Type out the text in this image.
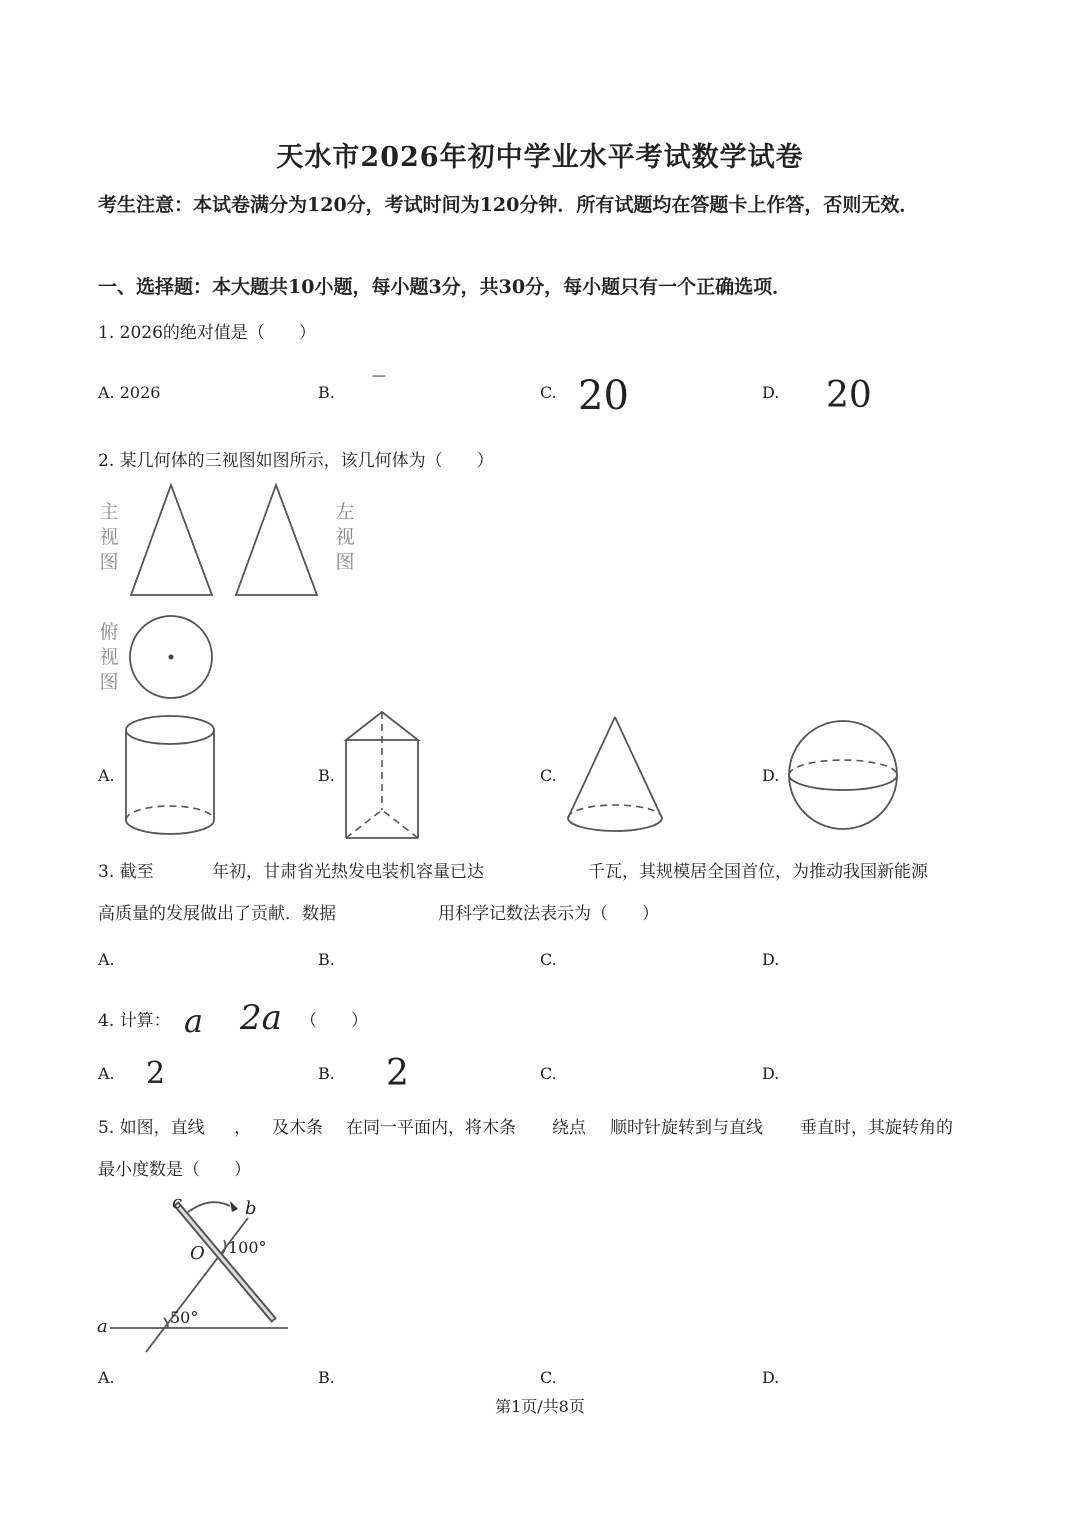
天水市2026年初中学业水平考试数学试卷
考生注意：本试卷满分为120分，考试时间为120分钟．所有试题均在答题卡上作答，否则无效．
一、选择题：本大题共10小题，每小题3分，共30分，每小题只有一个正确选项．
1. 2026的绝对值是（　　）
A. 2026	B.
—
C. 20	D. 20
2. 某几何体的三视图如图所示，该几何体为（　　）
主视图
左视图
俯视图
A.	B.	C.	D.
3. 截至	年初，甘肃省光热发电装机容量已达	千瓦，其规模居全国首位，为推动我国新能源
高质量的发展做出了贡献．数据	用科学记数法表示为（　　）
A.	B.	C.	D.
4. 计算： a 2a （　　）
A. 2	B. 2	C.	D.
5. 如图，直线 ， 及木条 在同一平面内，将木条 绕点 顺时针旋转到与直线 垂直时，其旋转角的
最小度数是（　　）
c	b
O 100°
50°
a
A.	B.	C.	D.
第1页/共8页
